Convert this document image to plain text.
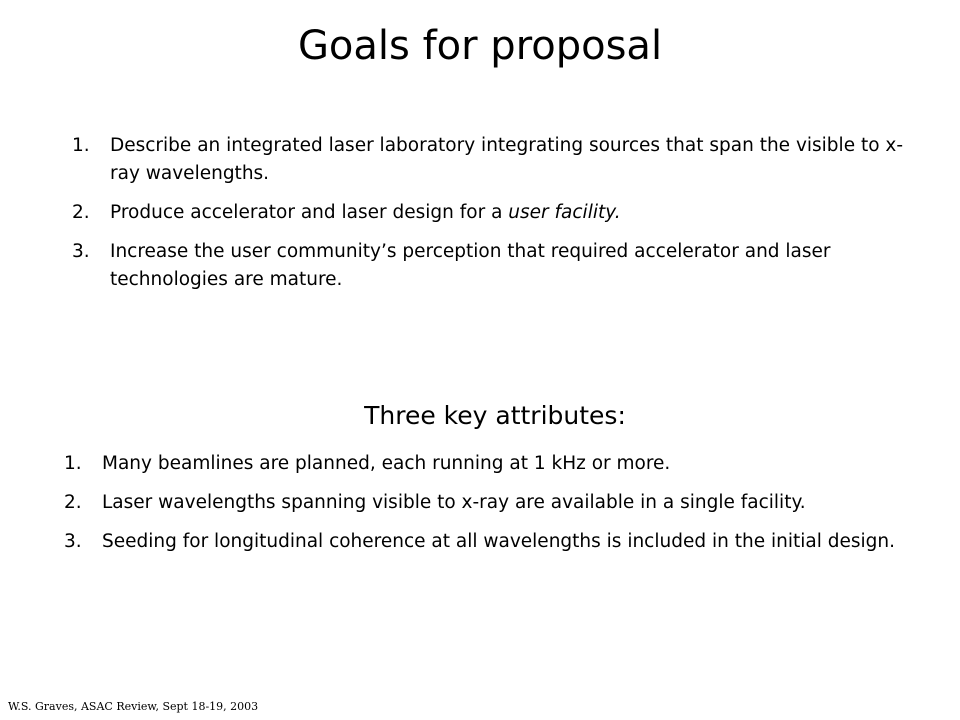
Goals for proposal
1. Describe an integrated laser laboratory integrating sources that span the visible to x-ray wavelengths.
2. Produce accelerator and laser design for a user facility.
3. Increase the user community’s perception that required accelerator and laser technologies are mature.
Three key attributes:
1. Many beamlines are planned, each running at 1 kHz or more.
2. Laser wavelengths spanning visible to x-ray are available in a single facility.
3. Seeding for longitudinal coherence at all wavelengths is included in the initial design.
W.S. Graves, ASAC Review, Sept 18-19, 2003
